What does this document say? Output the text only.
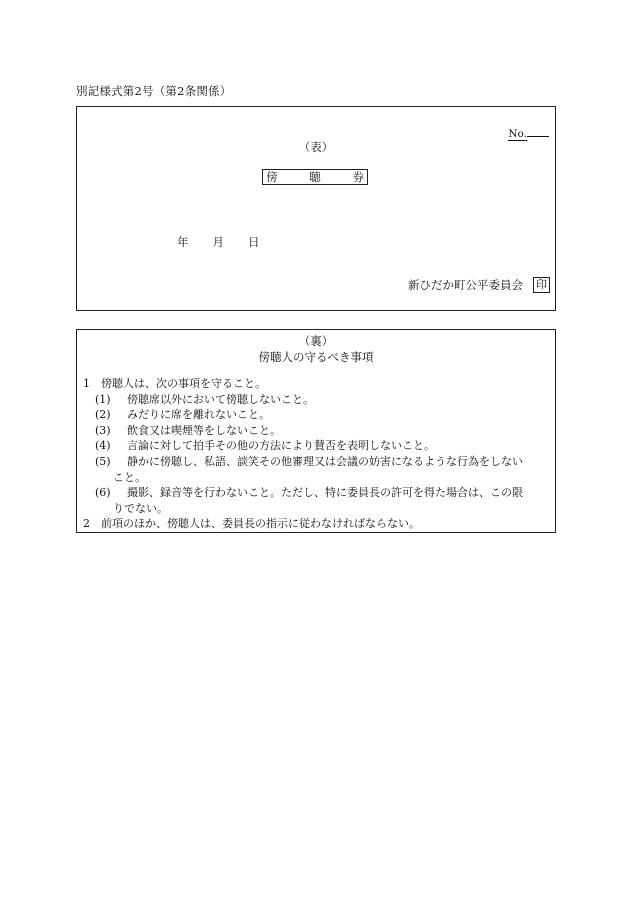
別記様式第2号（第2条関係）
No.
（表）
傍	聴	券
年 月 日
新ひだか町公平委員会 印
（裏）
傍聴人の守るべき事項
1 傍聴人は、次の事項を守ること。
(1) 傍聴席以外において傍聴しないこと。
(2) みだりに席を離れないこと。
(3) 飲食又は喫煙等をしないこと。
(4) 言論に対して拍手その他の方法により賛否を表明しないこと。
(5) 静かに傍聴し、私語、談笑その他審理又は会議の妨害になるような行為をしない
こと。
(6) 撮影、録音等を行わないこと。ただし、特に委員長の許可を得た場合は、この限
りでない。
2 前項のほか、傍聴人は、委員長の指示に従わなければならない。
